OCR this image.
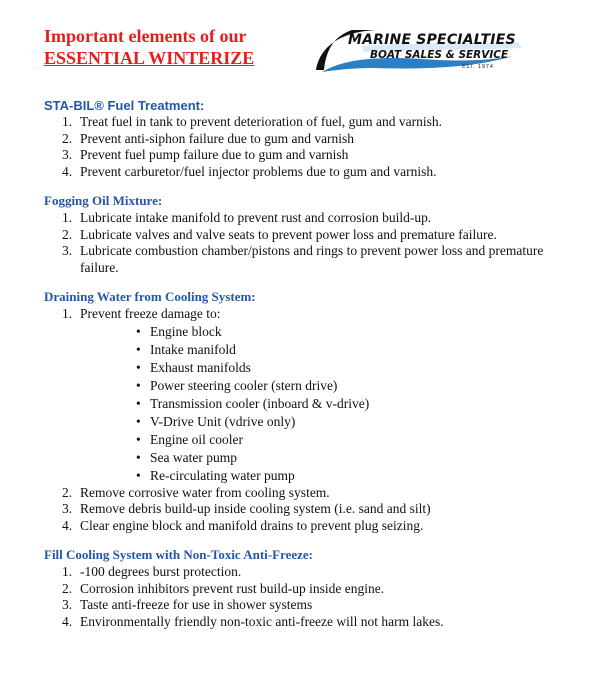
Important elements of our
ESSENTIAL WINTERIZE
MARINE SPECIALTIES
BOAT SALES & SERVICE
EST. 1974
STA-BIL® Fuel Treatment:
1. Treat fuel in tank to prevent deterioration of fuel, gum and varnish.
2. Prevent anti-siphon failure due to gum and varnish
3. Prevent fuel pump failure due to gum and varnish
4. Prevent carburetor/fuel injector problems due to gum and varnish.
Fogging Oil Mixture:
1. Lubricate intake manifold to prevent rust and corrosion build-up.
2. Lubricate valves and valve seats to prevent power loss and premature failure.
3. Lubricate combustion chamber/pistons and rings to prevent power loss and premature failure.
Draining Water from Cooling System:
1. Prevent freeze damage to:
• Engine block
• Intake manifold
• Exhaust manifolds
• Power steering cooler (stern drive)
• Transmission cooler (inboard & v-drive)
• V-Drive Unit (vdrive only)
• Engine oil cooler
• Sea water pump
• Re-circulating water pump
2. Remove corrosive water from cooling system.
3. Remove debris build-up inside cooling system (i.e. sand and silt)
4. Clear engine block and manifold drains to prevent plug seizing.
Fill Cooling System with Non-Toxic Anti-Freeze:
1. -100 degrees burst protection.
2. Corrosion inhibitors prevent rust build-up inside engine.
3. Taste anti-freeze for use in shower systems
4. Environmentally friendly non-toxic anti-freeze will not harm lakes.
